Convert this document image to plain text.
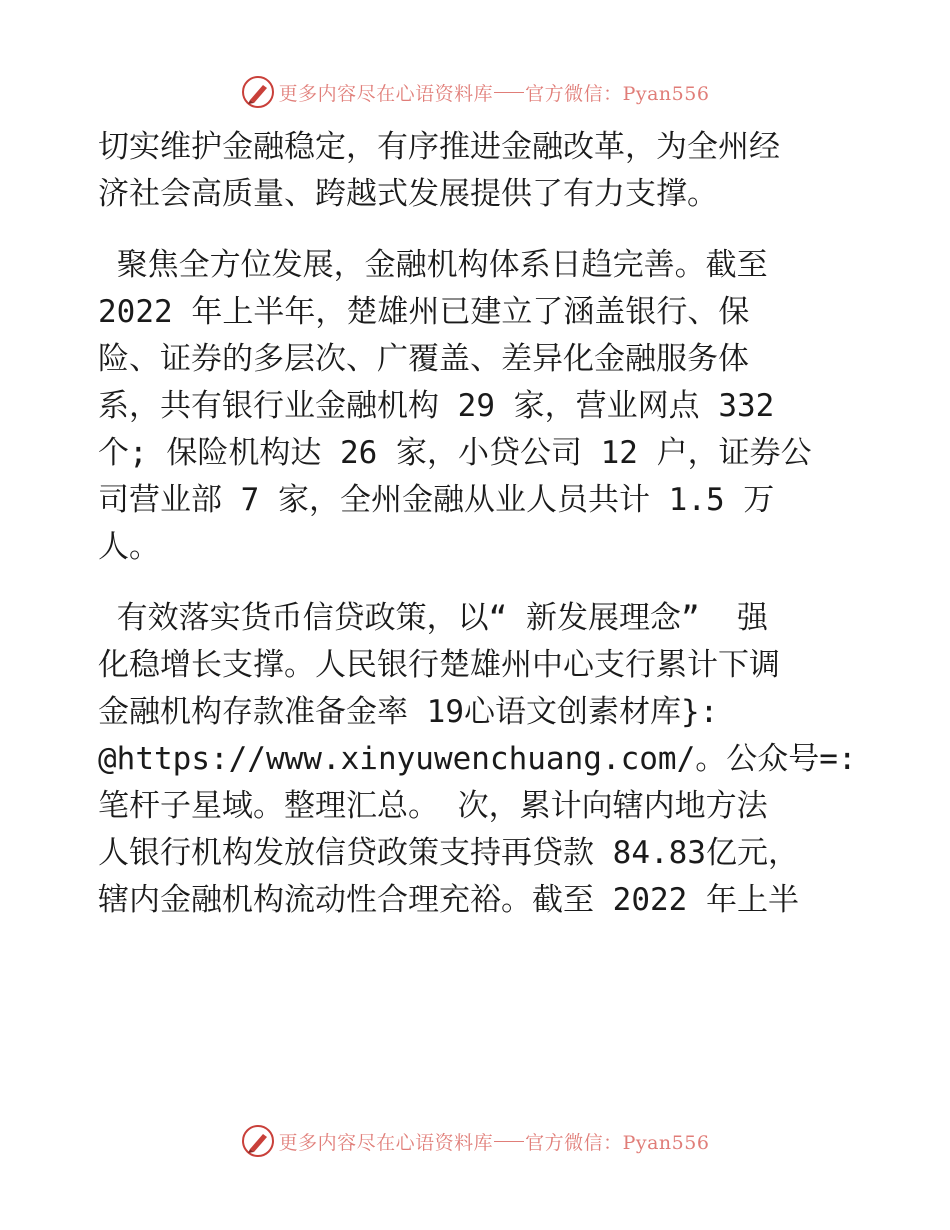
更多内容尽在心语资料库 官方微信：Pyan556

切实维护金融稳定，有序推进金融改革，为全州经
济社会高质量、跨越式发展提供了有力支撑。

聚焦全方位发展，金融机构体系日趋完善。截至
2022 年上半年，楚雄州已建立了涵盖银行、保
险、证券的多层次、广覆盖、差异化金融服务体
系，共有银行业金融机构 29 家，营业网点 332
个; 保险机构达 26 家，小贷公司 12 户，证券公
司营业部 7 家，全州金融从业人员共计 1.5 万
人。

有效落实货币信贷政策，以“ 新发展理念”  强
化稳增长支撑。人民银行楚雄州中心支行累计下调
金融机构存款准备金率 19心语文创素材库}:
@https://www.xinyuwenchuang.com/。公众号=:
笔杆子星域。整理汇总。 次，累计向辖内地方法
人银行机构发放信贷政策支持再贷款 84.83亿元，
辖内金融机构流动性合理充裕。截至 2022 年上半

更多内容尽在心语资料库 官方微信：Pyan556
